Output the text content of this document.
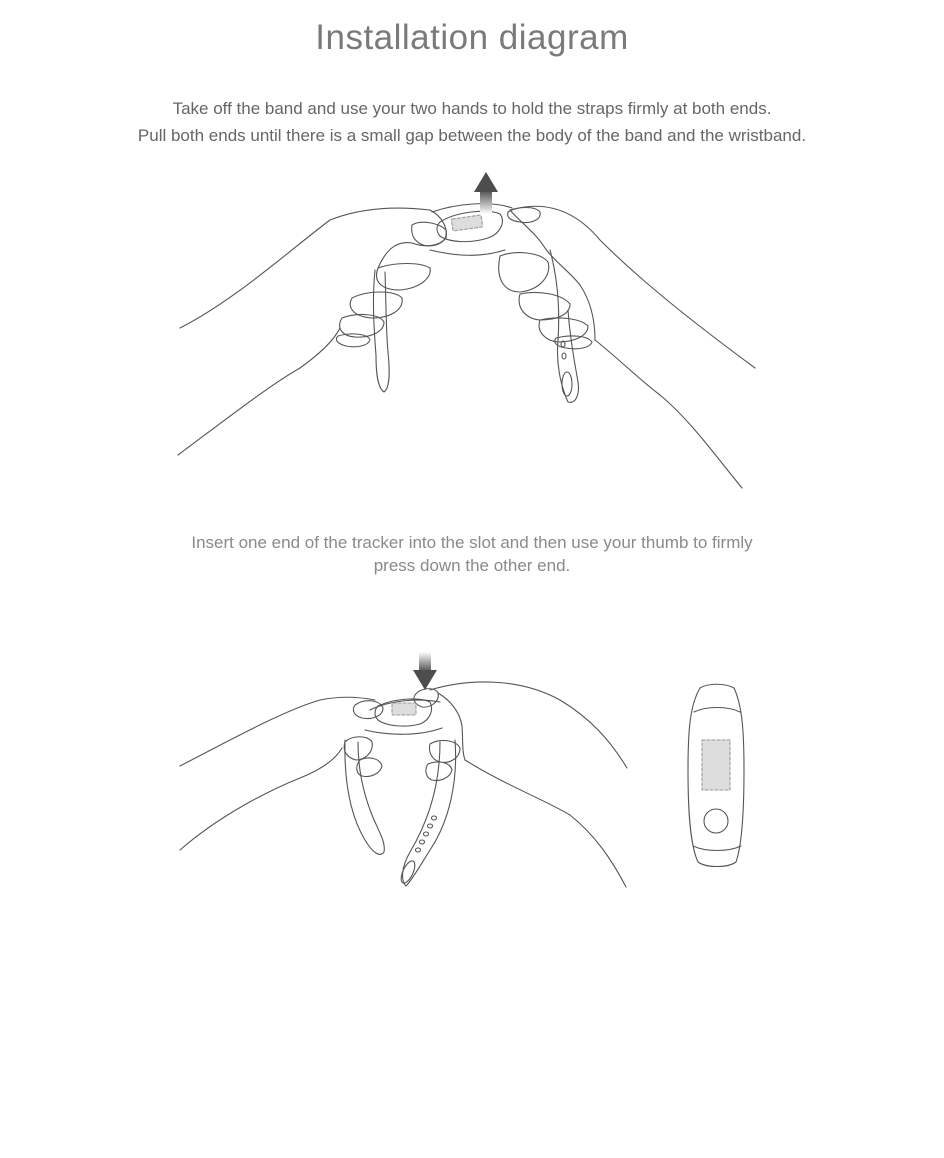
Installation diagram
Take off the band and use your two hands to hold the straps firmly at both ends.
Pull both ends until there is a small gap between the body of the band and the wristband.
Insert one end of the tracker into the slot and then use your thumb to firmly
press down the other end.
